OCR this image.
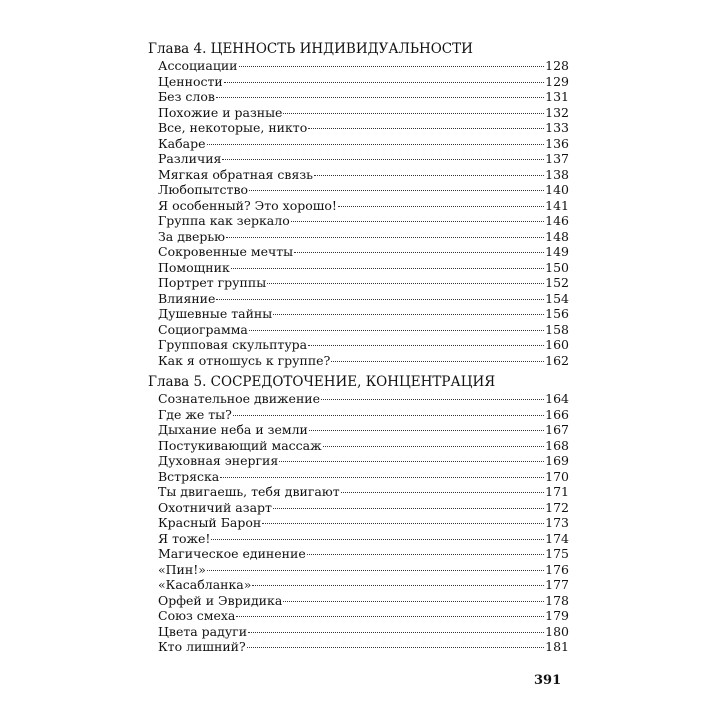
Глава 4. ЦЕННОСТЬ ИНДИВИДУАЛЬНОСТИ
Ассоциации	128
Ценности	129
Без слов	131
Похожие и разные	132
Все, некоторые, никто	133
Кабаре	136
Различия	137
Мягкая обратная связь	138
Любопытство	140
Я особенный? Это хорошо!	141
Группа как зеркало	146
За дверью	148
Сокровенные мечты	149
Помощник	150
Портрет группы	152
Влияние	154
Душевные тайны	156
Социограмма	158
Групповая скульптура	160
Как я отношусь к группе?	162
Глава 5. СОСРЕДОТОЧЕНИЕ, КОНЦЕНТРАЦИЯ
Сознательное движение	164
Где же ты?	166
Дыхание неба и земли	167
Постукивающий массаж	168
Духовная энергия	169
Встряска	170
Ты двигаешь, тебя двигают	171
Охотничий азарт	172
Красный Барон	173
Я тоже!	174
Магическое единение	175
«Пин!»	176
«Касабланка»	177
Орфей и Эвридика	178
Союз смеха	179
Цвета радуги	180
Кто лишний?	181
391
